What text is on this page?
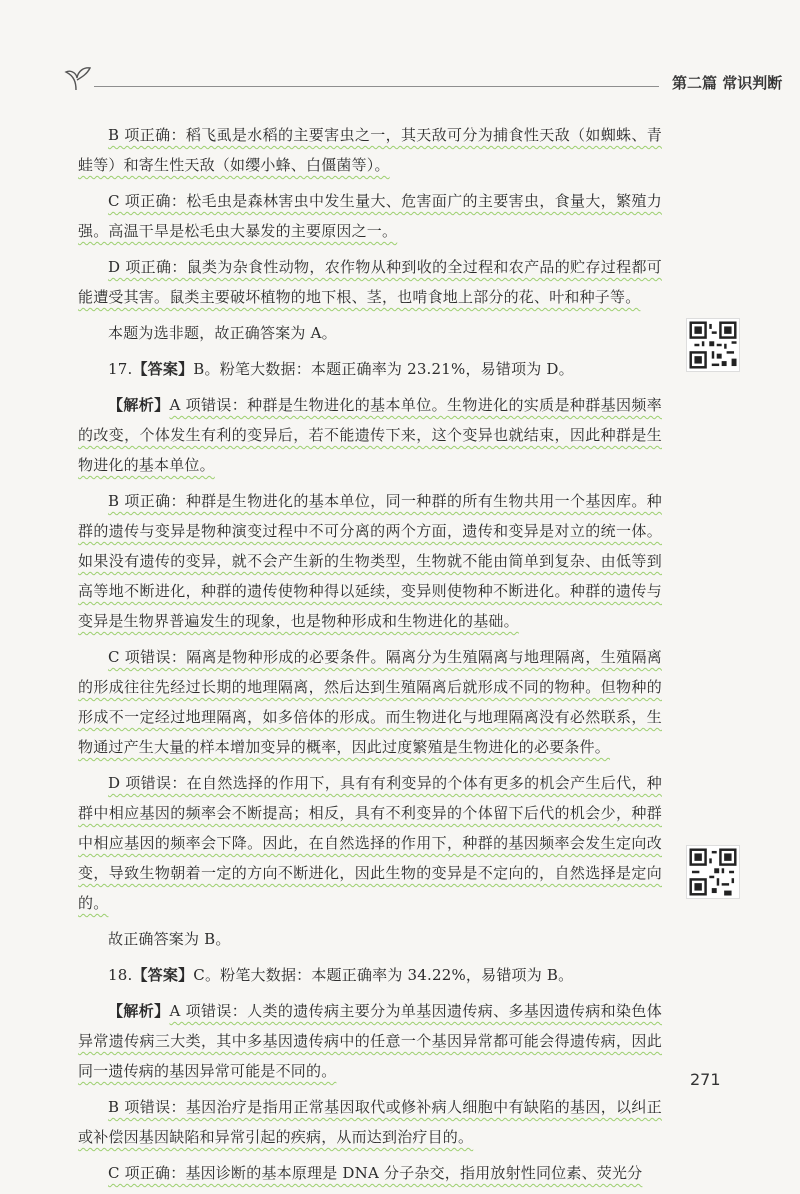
第二篇 常识判断

B 项正确：稻飞虱是水稻的主要害虫之一，其天敌可分为捕食性天敌（如蜘蛛、青蛙等）和寄生性天敌（如缨小蜂、白僵菌等）。

C 项正确：松毛虫是森林害虫中发生量大、危害面广的主要害虫，食量大，繁殖力强。高温干旱是松毛虫大暴发的主要原因之一。

D 项正确：鼠类为杂食性动物，农作物从种到收的全过程和农产品的贮存过程都可能遭受其害。鼠类主要破坏植物的地下根、茎，也啃食地上部分的花、叶和种子等。

本题为选非题，故正确答案为 A。

17.【答案】B。粉笔大数据：本题正确率为 23.21%，易错项为 D。

【解析】A 项错误：种群是生物进化的基本单位。生物进化的实质是种群基因频率的改变，个体发生有利的变异后，若不能遗传下来，这个变异也就结束，因此种群是生物进化的基本单位。

B 项正确：种群是生物进化的基本单位，同一种群的所有生物共用一个基因库。种群的遗传与变异是物种演变过程中不可分离的两个方面，遗传和变异是对立的统一体。如果没有遗传的变异，就不会产生新的生物类型，生物就不能由简单到复杂、由低等到高等地不断进化，种群的遗传使物种得以延续，变异则使物种不断进化。种群的遗传与变异是生物界普遍发生的现象，也是物种形成和生物进化的基础。

C 项错误：隔离是物种形成的必要条件。隔离分为生殖隔离与地理隔离，生殖隔离的形成往往先经过长期的地理隔离，然后达到生殖隔离后就形成不同的物种。但物种的形成不一定经过地理隔离，如多倍体的形成。而生物进化与地理隔离没有必然联系，生物通过产生大量的样本增加变异的概率，因此过度繁殖是生物进化的必要条件。

D 项错误：在自然选择的作用下，具有有利变异的个体有更多的机会产生后代，种群中相应基因的频率会不断提高；相反，具有不利变异的个体留下后代的机会少，种群中相应基因的频率会下降。因此，在自然选择的作用下，种群的基因频率会发生定向改变，导致生物朝着一定的方向不断进化，因此生物的变异是不定向的，自然选择是定向的。

故正确答案为 B。

18.【答案】C。粉笔大数据：本题正确率为 34.22%，易错项为 B。

【解析】A 项错误：人类的遗传病主要分为单基因遗传病、多基因遗传病和染色体异常遗传病三大类，其中多基因遗传病中的任意一个基因异常都可能会得遗传病，因此同一遗传病的基因异常可能是不同的。

B 项错误：基因治疗是指用正常基因取代或修补病人细胞中有缺陷的基因，以纠正或补偿因基因缺陷和异常引起的疾病，从而达到治疗目的。

C 项正确：基因诊断的基本原理是 DNA 分子杂交，指用放射性同位素、荧光分

271
